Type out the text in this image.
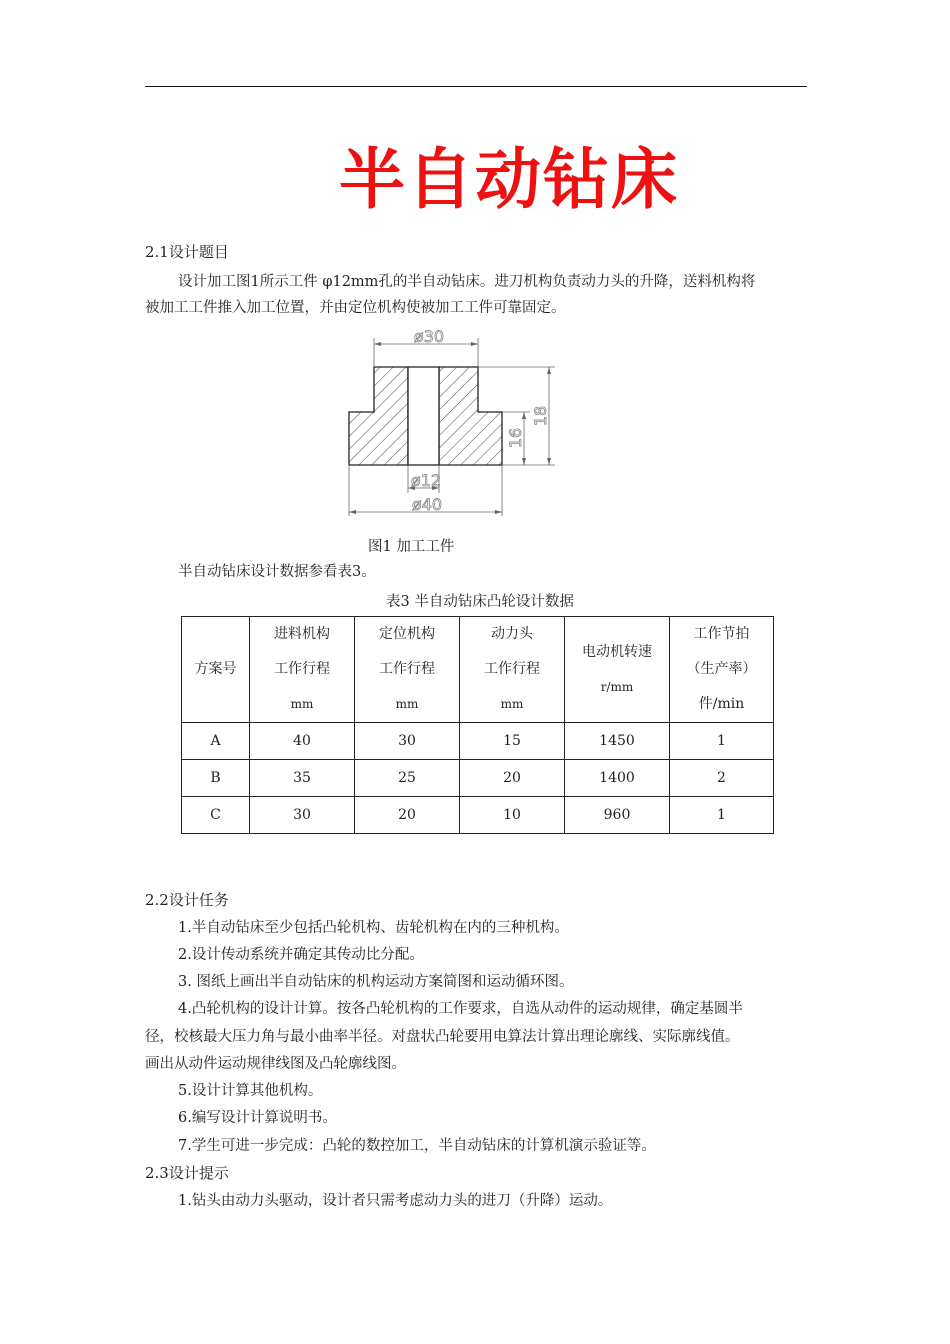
半自动钻床
2.1设计题目
设计加工图1所示工件 φ12mm孔的半自动钻床。进刀机构负责动力头的升降，送料机构将
被加工工件推入加工位置，并由定位机构使被加工工件可靠固定。
ø30
ø12
ø40
16
18
图1 加工工件
半自动钻床设计数据参看表3。
表3 半自动钻床凸轮设计数据
方案号	进料机构
工作行程
mm	定位机构
工作行程
mm	动力头
工作行程
mm	电动机转速
r/mm	工作节拍
（生产率）
件/min
A	40	30	15	1450	1
B	35	25	20	1400	2
C	30	20	10	960	1
2.2设计任务
1.半自动钻床至少包括凸轮机构、齿轮机构在内的三种机构。
2.设计传动系统并确定其传动比分配。
3. 图纸上画出半自动钻床的机构运动方案简图和运动循环图。
4.凸轮机构的设计计算。按各凸轮机构的工作要求，自选从动件的运动规律，确定基圆半
径，校核最大压力角与最小曲率半径。对盘状凸轮要用电算法计算出理论廓线、实际廓线值。
画出从动件运动规律线图及凸轮廓线图。
5.设计计算其他机构。
6.编写设计计算说明书。
7.学生可进一步完成：凸轮的数控加工，半自动钻床的计算机演示验证等。
2.3设计提示
1.钻头由动力头驱动，设计者只需考虑动力头的进刀（升降）运动。
